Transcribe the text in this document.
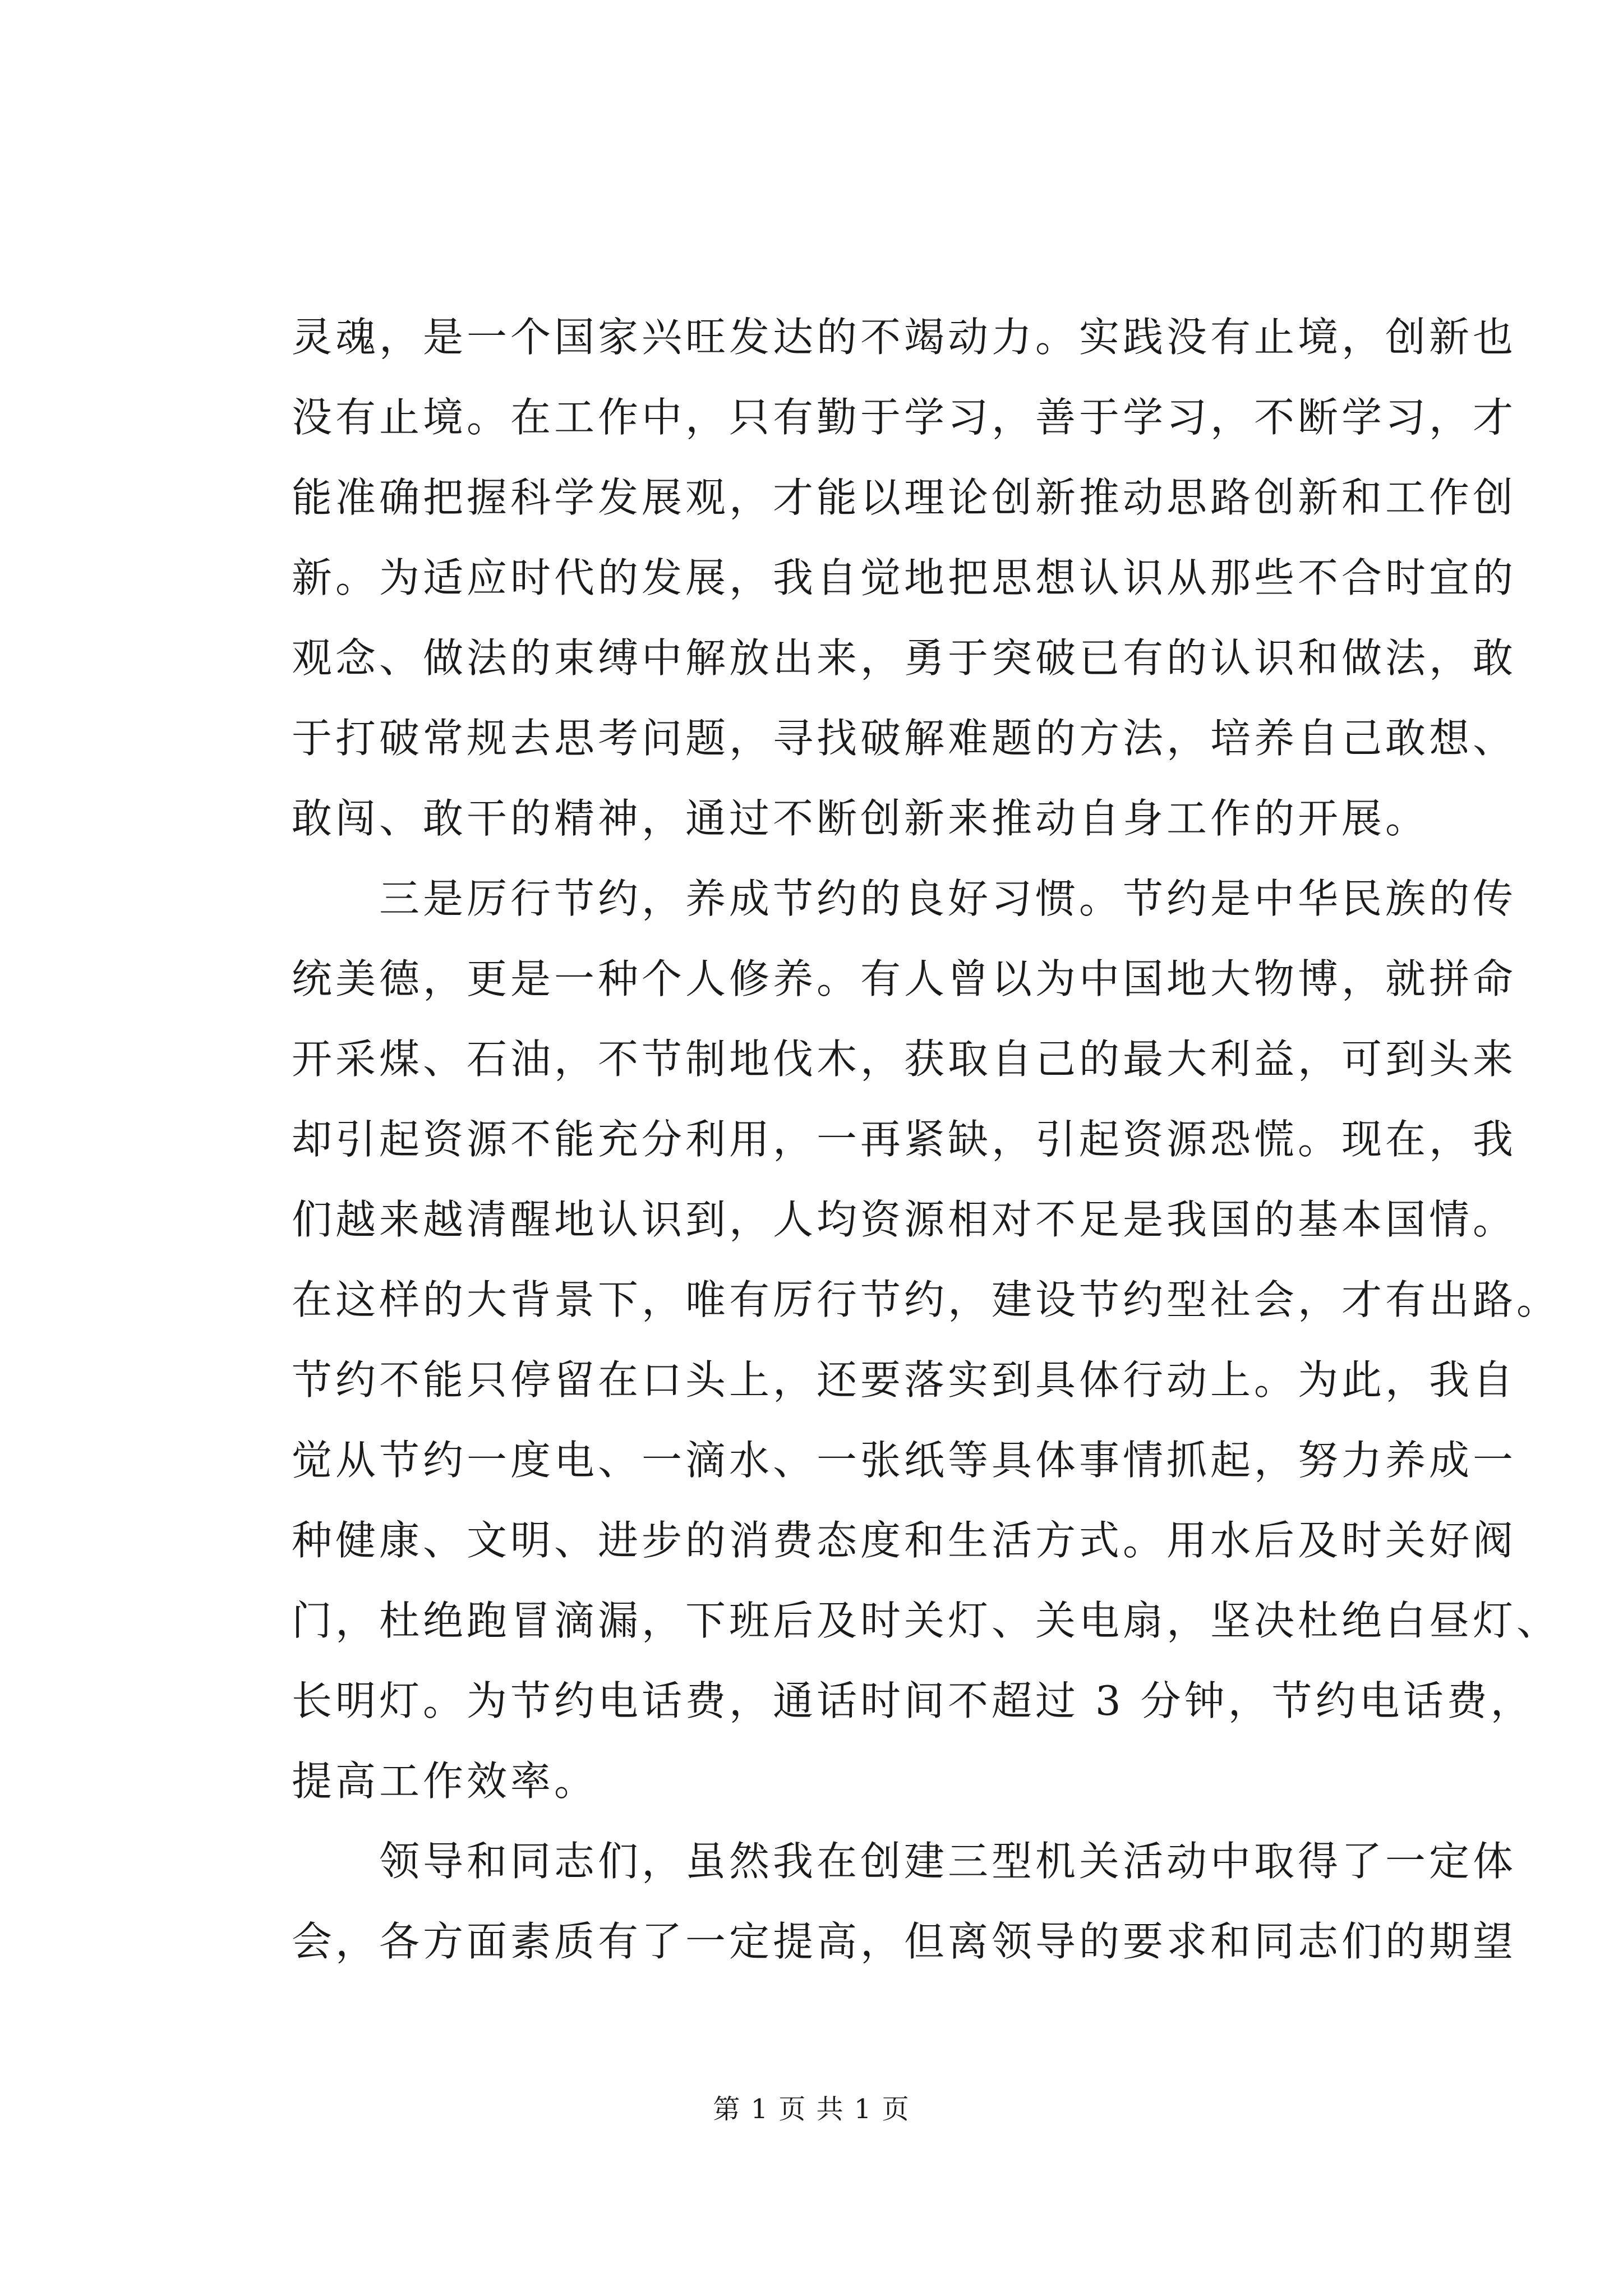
灵魂，是一个国家兴旺发达的不竭动力。实践没有止境，创新也
没有止境。在工作中，只有勤于学习，善于学习，不断学习，才
能准确把握科学发展观，才能以理论创新推动思路创新和工作创
新。为适应时代的发展，我自觉地把思想认识从那些不合时宜的
观念、做法的束缚中解放出来，勇于突破已有的认识和做法，敢
于打破常规去思考问题，寻找破解难题的方法，培养自己敢想、
敢闯、敢干的精神，通过不断创新来推动自身工作的开展。
　　三是厉行节约，养成节约的良好习惯。节约是中华民族的传
统美德，更是一种个人修养。有人曾以为中国地大物博，就拼命
开采煤、石油，不节制地伐木，获取自己的最大利益，可到头来
却引起资源不能充分利用，一再紧缺，引起资源恐慌。现在，我
们越来越清醒地认识到，人均资源相对不足是我国的基本国情。
在这样的大背景下，唯有厉行节约，建设节约型社会，才有出路。
节约不能只停留在口头上，还要落实到具体行动上。为此，我自
觉从节约一度电、一滴水、一张纸等具体事情抓起，努力养成一
种健康、文明、进步的消费态度和生活方式。用水后及时关好阀
门，杜绝跑冒滴漏，下班后及时关灯、关电扇，坚决杜绝白昼灯、
长明灯。为节约电话费，通话时间不超过 3 分钟，节约电话费，
提高工作效率。
　　领导和同志们，虽然我在创建三型机关活动中取得了一定体
会，各方面素质有了一定提高，但离领导的要求和同志们的期望
第 1 页 共 1 页
